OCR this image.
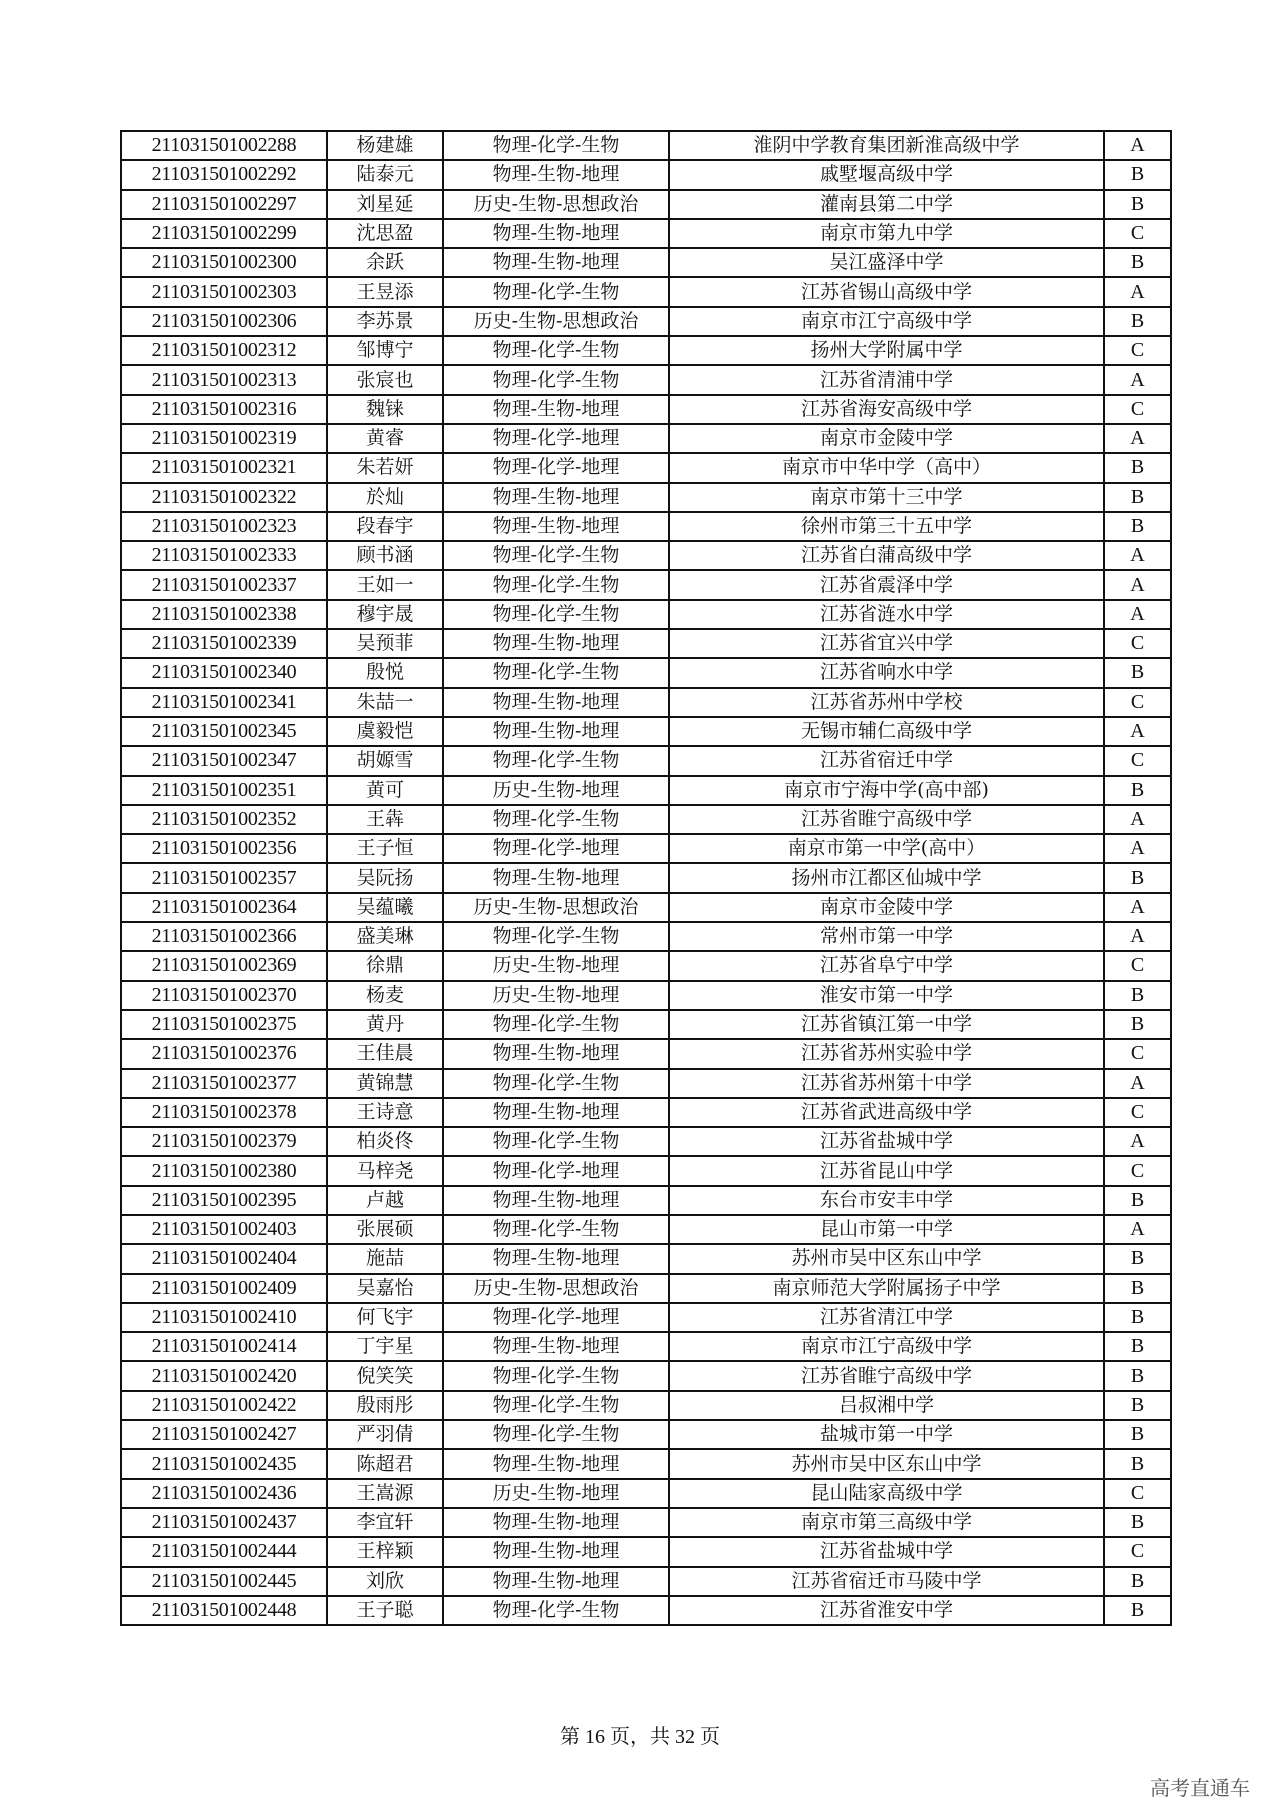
211031501002288	杨建雄	物理-化学-生物	淮阴中学教育集团新淮高级中学	A
211031501002292	陆泰元	物理-生物-地理	戚墅堰高级中学	B
211031501002297	刘星延	历史-生物-思想政治	灌南县第二中学	B
211031501002299	沈思盈	物理-生物-地理	南京市第九中学	C
211031501002300	余跃	物理-生物-地理	吴江盛泽中学	B
211031501002303	王昱添	物理-化学-生物	江苏省锡山高级中学	A
211031501002306	李苏景	历史-生物-思想政治	南京市江宁高级中学	B
211031501002312	邹博宁	物理-化学-生物	扬州大学附属中学	C
211031501002313	张宸也	物理-化学-生物	江苏省清浦中学	A
211031501002316	魏铼	物理-生物-地理	江苏省海安高级中学	C
211031501002319	黄睿	物理-化学-地理	南京市金陵中学	A
211031501002321	朱若妍	物理-化学-地理	南京市中华中学（高中）	B
211031501002322	於灿	物理-生物-地理	南京市第十三中学	B
211031501002323	段春宇	物理-生物-地理	徐州市第三十五中学	B
211031501002333	顾书涵	物理-化学-生物	江苏省白蒲高级中学	A
211031501002337	王如一	物理-化学-生物	江苏省震泽中学	A
211031501002338	穆宇晟	物理-化学-生物	江苏省涟水中学	A
211031501002339	吴预菲	物理-生物-地理	江苏省宜兴中学	C
211031501002340	殷悦	物理-化学-生物	江苏省响水中学	B
211031501002341	朱喆一	物理-生物-地理	江苏省苏州中学校	C
211031501002345	虞毅恺	物理-生物-地理	无锡市辅仁高级中学	A
211031501002347	胡嫄雪	物理-化学-生物	江苏省宿迁中学	C
211031501002351	黄可	历史-生物-地理	南京市宁海中学(高中部)	B
211031501002352	王犇	物理-化学-生物	江苏省睢宁高级中学	A
211031501002356	王子恒	物理-化学-地理	南京市第一中学(高中）	A
211031501002357	吴阮扬	物理-生物-地理	扬州市江都区仙城中学	B
211031501002364	吴蕴曦	历史-生物-思想政治	南京市金陵中学	A
211031501002366	盛美琳	物理-化学-生物	常州市第一中学	A
211031501002369	徐鼎	历史-生物-地理	江苏省阜宁中学	C
211031501002370	杨麦	历史-生物-地理	淮安市第一中学	B
211031501002375	黄丹	物理-化学-生物	江苏省镇江第一中学	B
211031501002376	王佳晨	物理-生物-地理	江苏省苏州实验中学	C
211031501002377	黄锦慧	物理-化学-生物	江苏省苏州第十中学	A
211031501002378	王诗意	物理-生物-地理	江苏省武进高级中学	C
211031501002379	柏炎佟	物理-化学-生物	江苏省盐城中学	A
211031501002380	马梓尧	物理-化学-地理	江苏省昆山中学	C
211031501002395	卢越	物理-生物-地理	东台市安丰中学	B
211031501002403	张展硕	物理-化学-生物	昆山市第一中学	A
211031501002404	施喆	物理-生物-地理	苏州市吴中区东山中学	B
211031501002409	吴嘉怡	历史-生物-思想政治	南京师范大学附属扬子中学	B
211031501002410	何飞宇	物理-化学-地理	江苏省清江中学	B
211031501002414	丁宇星	物理-生物-地理	南京市江宁高级中学	B
211031501002420	倪笑笑	物理-化学-生物	江苏省睢宁高级中学	B
211031501002422	殷雨彤	物理-化学-生物	吕叔湘中学	B
211031501002427	严羽倩	物理-化学-生物	盐城市第一中学	B
211031501002435	陈超君	物理-生物-地理	苏州市吴中区东山中学	B
211031501002436	王嵩源	历史-生物-地理	昆山陆家高级中学	C
211031501002437	李宜轩	物理-生物-地理	南京市第三高级中学	B
211031501002444	王梓颖	物理-生物-地理	江苏省盐城中学	C
211031501002445	刘欣	物理-生物-地理	江苏省宿迁市马陵中学	B
211031501002448	王子聪	物理-化学-生物	江苏省淮安中学	B
第 16 页，共 32 页
高考直通车
